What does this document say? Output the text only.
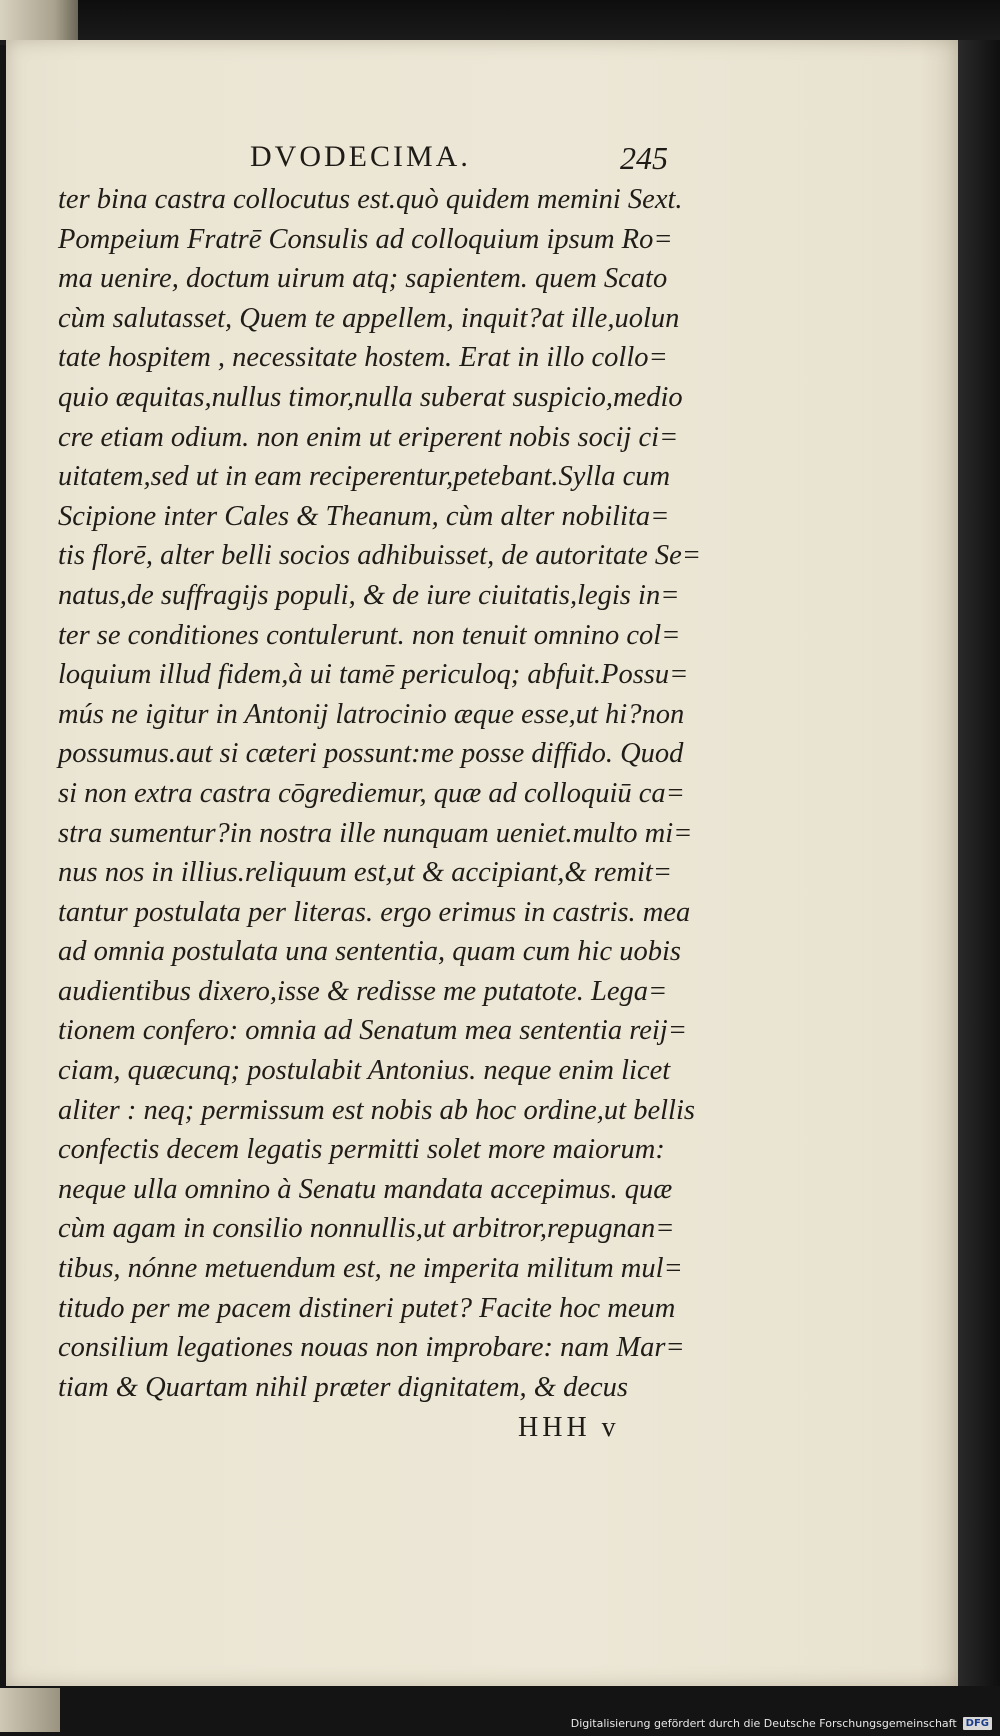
DVODECIMA.	245
ter bina castra collocutus est.quò quidem memini Sext.
Pompeium Fratrē Consulis ad colloquium ipsum Ro=
ma uenire, doctum uirum atq; sapientem. quem Scato
cùm salutasset, Quem te appellem, inquit?at ille,uolun
tate hospitem , necessitate hostem. Erat in illo collo=
quio æquitas,nullus timor,nulla suberat suspicio,medio
cre etiam odium. non enim ut eriperent nobis socij ci=
uitatem,sed ut in eam reciperentur,petebant.Sylla cum
Scipione inter Cales & Theanum, cùm alter nobilita=
tis florē, alter belli socios adhibuisset, de autoritate Se=
natus,de suffragijs populi, & de iure ciuitatis,legis in=
ter se conditiones contulerunt. non tenuit omnino col=
loquium illud fidem,à ui tamē periculoq; abfuit.Possu=
mús ne igitur in Antonij latrocinio æque esse,ut hi?non
possumus.aut si cæteri possunt:me posse diffido. Quod
si non extra castra cōgrediemur, quæ ad colloquiū ca=
stra sumentur?in nostra ille nunquam ueniet.multo mi=
nus nos in illius.reliquum est,ut & accipiant,& remit=
tantur postulata per literas. ergo erimus in castris. mea
ad omnia postulata una sententia, quam cum hic uobis
audientibus dixero,isse & redisse me putatote. Lega=
tionem confero: omnia ad Senatum mea sententia reij=
ciam, quæcunq; postulabit Antonius. neque enim licet
aliter : neq; permissum est nobis ab hoc ordine,ut bellis
confectis decem legatis permitti solet more maiorum:
neque ulla omnino à Senatu mandata accepimus. quæ
cùm agam in consilio nonnullis,ut arbitror,repugnan=
tibus, nónne metuendum est, ne imperita militum mul=
titudo per me pacem distineri putet? Facite hoc meum
consilium legationes nouas non improbare: nam Mar=
tiam & Quartam nihil præter dignitatem, & decus
HHH v
Digitalisierung gefördert durch die Deutsche Forschungsgemeinschaft DFG
